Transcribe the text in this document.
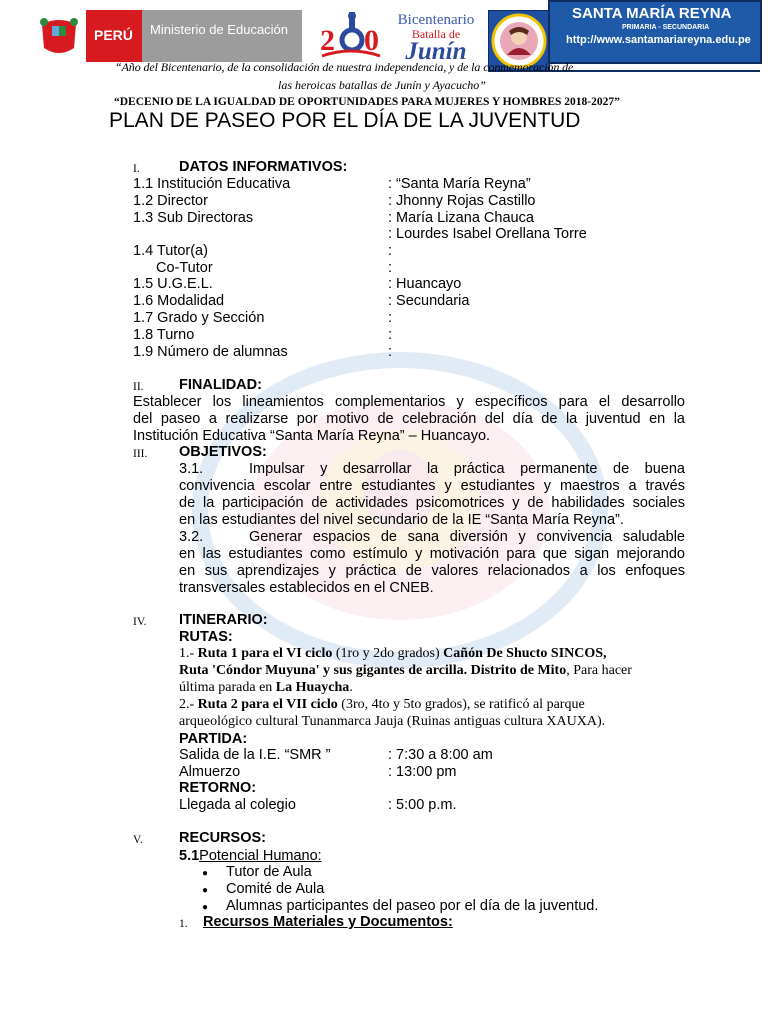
PERÚ Ministerio de Educación	2 0
Bicentenario
Batalla de
Junín
SANTA MARÍA REYNA
PRIMARIA - SECUNDARIA
http://www.santamariareyna.edu.pe
“Año del Bicentenario, de la consolidación de nuestra independencia, y de la conmemoración de
las heroicas batallas de Junín y Ayacucho”
“DECENIO DE LA IGUALDAD DE OPORTUNIDADES PARA MUJERES Y HOMBRES 2018-2027”
PLAN DE PASEO POR EL DÍA DE LA JUVENTUD
I.	DATOS INFORMATIVOS:
1.1 Institución Educativa	: “Santa María Reyna”
1.2 Director	: Jhonny Rojas Castillo
1.3 Sub Directoras	: María Lizana Chauca
: Lourdes Isabel Orellana Torre
1.4 Tutor(a)	:
Co-Tutor	:
1.5 U.G.E.L.	: Huancayo
1.6 Modalidad	: Secundaria
1.7 Grado y Sección	:
1.8 Turno	:
1.9 Número de alumnas	:
II. FINALIDAD:
Establecer los lineamientos complementarios y específicos para el desarrollo
del paseo a realizarse por motivo de celebración del día de la juventud en la
Institución Educativa “Santa María Reyna” – Huancayo.
III. OBJETIVOS:
3.1.	Impulsar y desarrollar la práctica permanente de buena
convivencia escolar entre estudiantes y estudiantes y maestros a través
de la participación de actividades psicomotrices y de habilidades sociales
en las estudiantes del nivel secundario de la IE “Santa María Reyna”.
3.2.	Generar espacios de sana diversión y convivencia saludable
en las estudiantes como estímulo y motivación para que sigan mejorando
en sus aprendizajes y práctica de valores relacionados a los enfoques
transversales establecidos en el CNEB.
IV. ITINERARIO:
RUTAS:
1.- Ruta 1 para el VI ciclo (1ro y 2do grados) Cañón De Shucto SINCOS,
Ruta 'Cóndor Muyuna' y sus gigantes de arcilla. Distrito de Mito, Para hacer
última parada en La Huaycha.
2.- Ruta 2 para el VII ciclo (3ro, 4to y 5to grados), se ratificó al parque
arqueológico cultural Tunanmarca Jauja (Ruinas antiguas cultura XAUXA).
PARTIDA:
Salida de la I.E. “SMR ”	: 7:30 a 8:00 am
Almuerzo	: 13:00 pm
RETORNO:
Llegada al colegio	: 5:00 p.m.
V.	RECURSOS:
5.1Potencial Humano:
● Tutor de Aula
● Comité de Aula
● Alumnas participantes del paseo por el día de la juventud.
1. Recursos Materiales y Documentos:
